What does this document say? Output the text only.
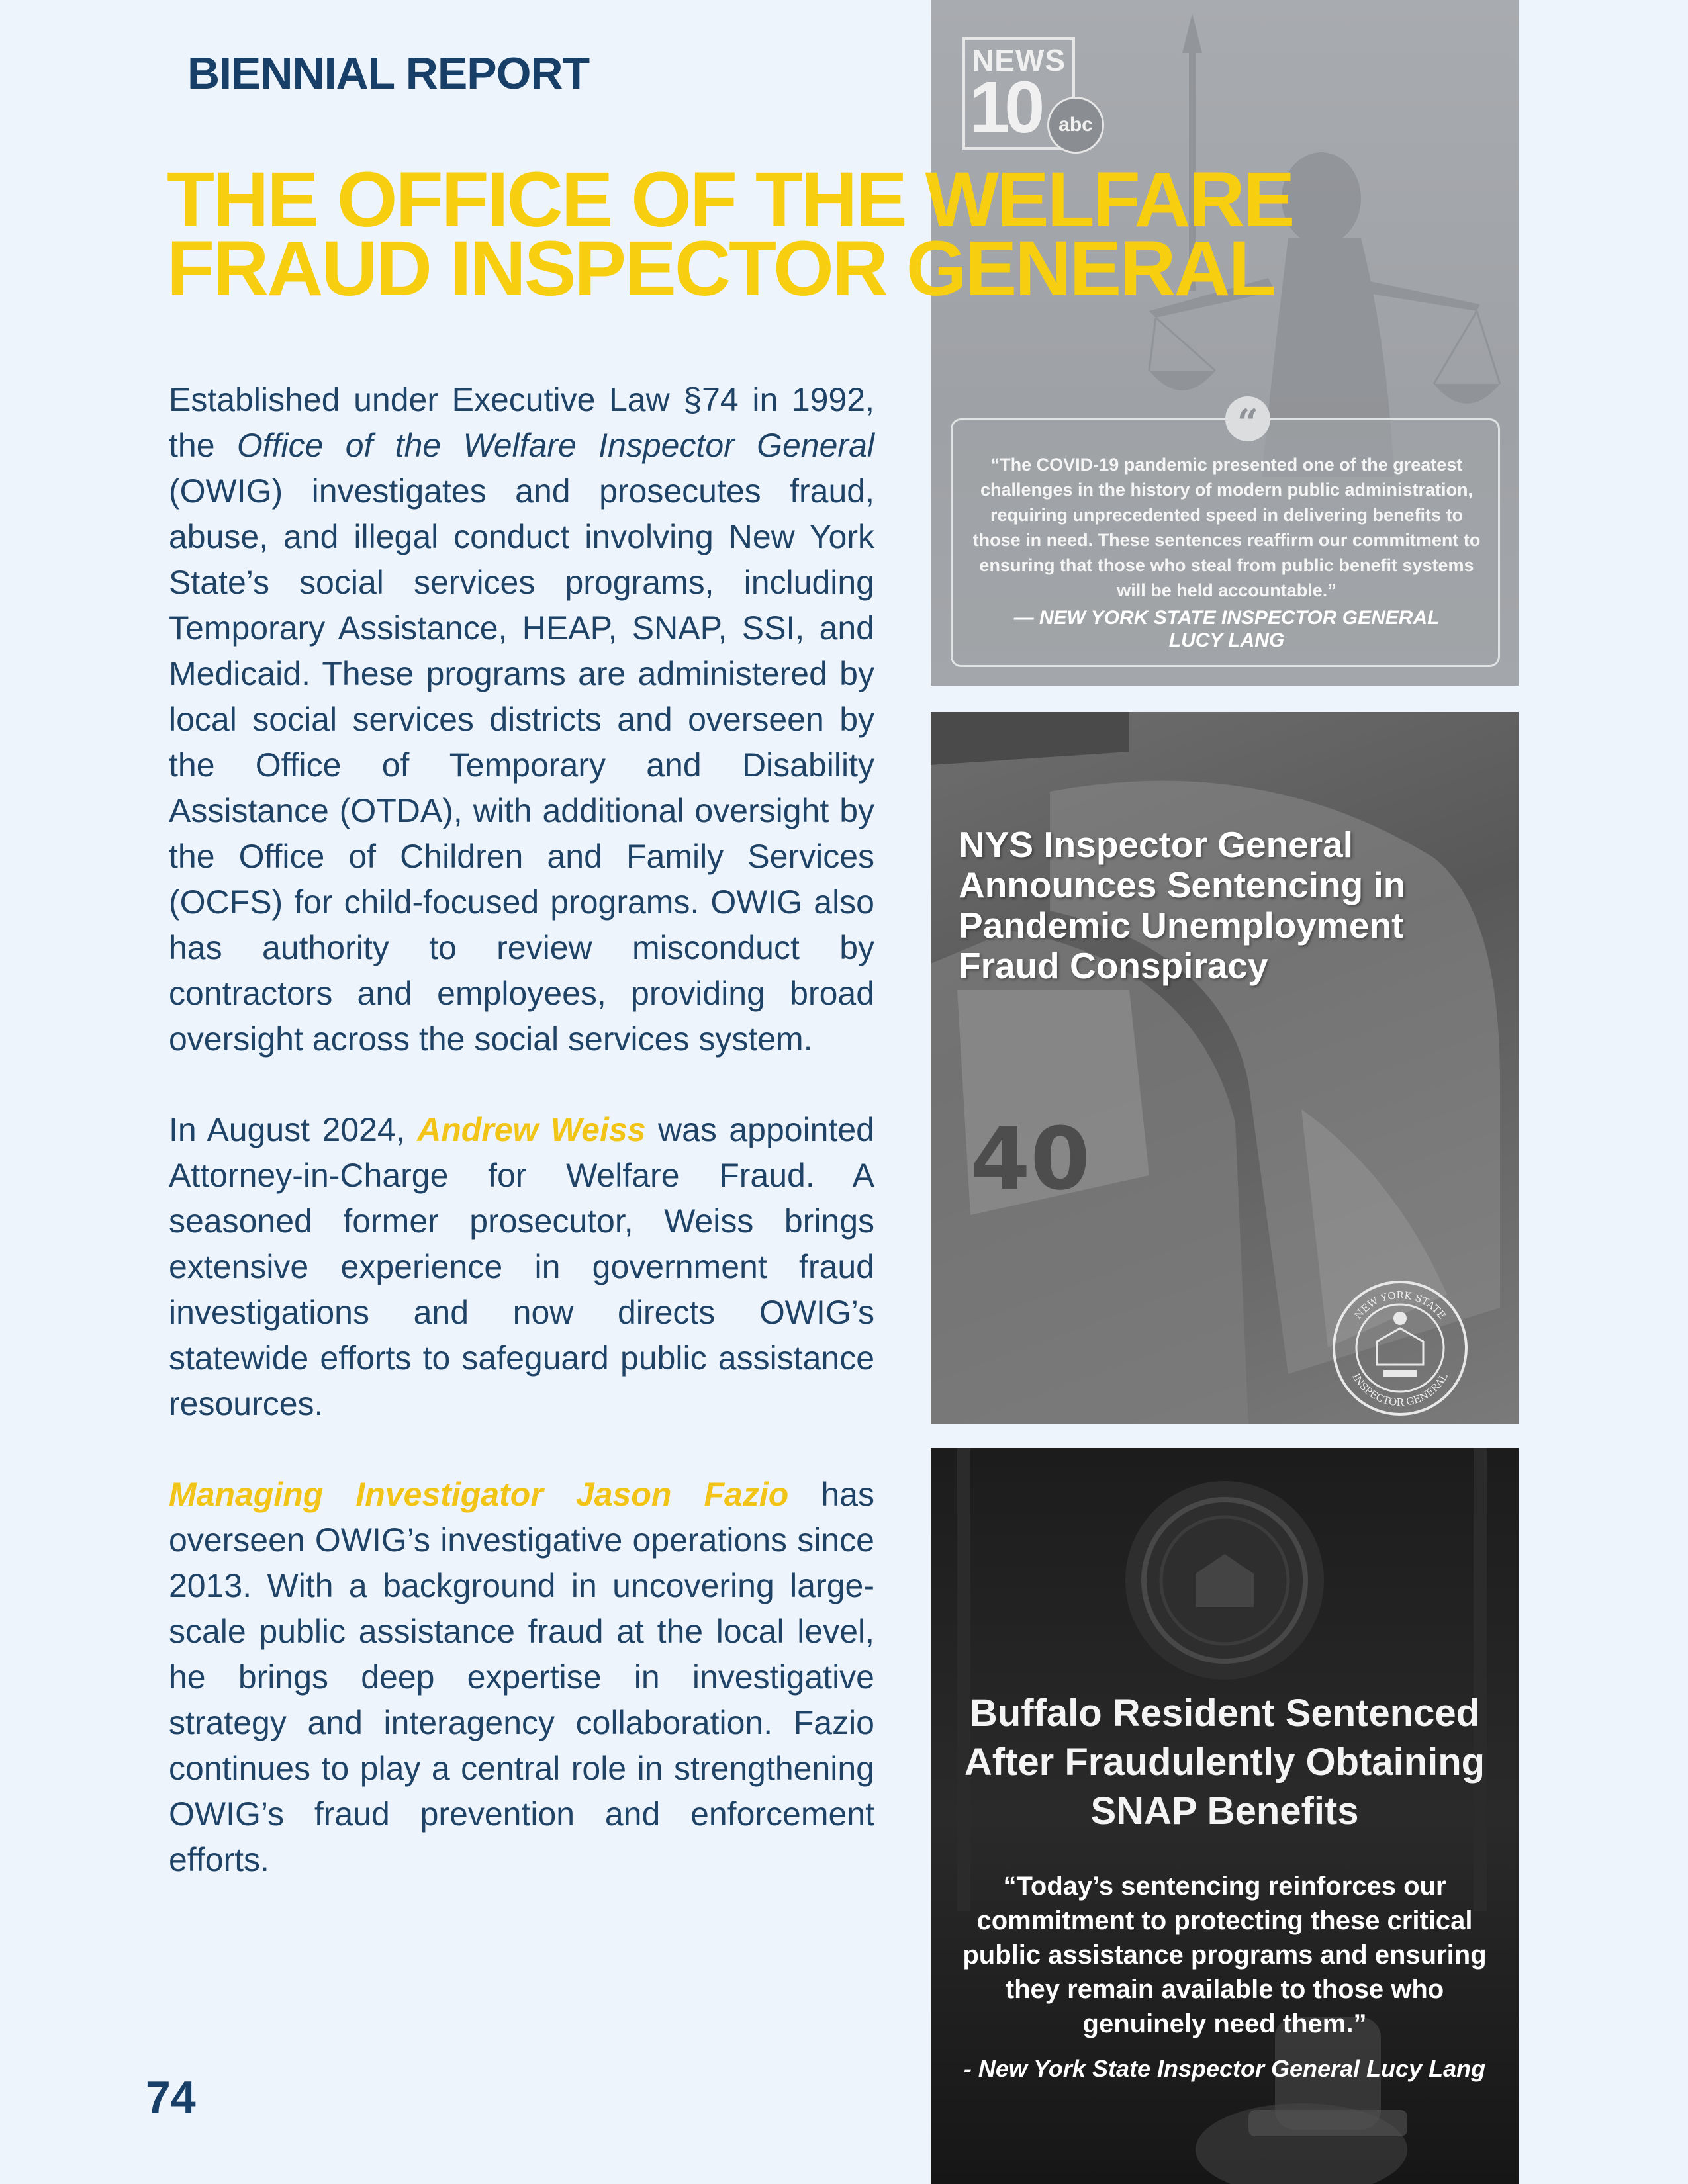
BIENNIAL REPORT
THE OFFICE OF THE WELFARE
FRAUD INSPECTOR GENERAL

Established under Executive Law §74 in 1992, the Office of the Welfare Inspector General (OWIG) investigates and prosecutes fraud, abuse, and illegal conduct involving New York State’s social services programs, including Temporary Assistance, HEAP, SNAP, SSI, and Medicaid. These programs are administered by local social services districts and overseen by the Office of Temporary and Disability Assistance (OTDA), with additional oversight by the Office of Children and Family Services (OCFS) for child-focused programs. OWIG also has authority to review misconduct by contractors and employees, providing broad oversight across the social services system.

In August 2024, Andrew Weiss was appointed Attorney-in-Charge for Welfare Fraud. A seasoned former prosecutor, Weiss brings extensive experience in government fraud investigations and now directs OWIG’s statewide efforts to safeguard public assistance resources.

Managing Investigator Jason Fazio has overseen OWIG’s investigative operations since 2013. With a background in uncovering large-scale public assistance fraud at the local level, he brings deep expertise in investigative strategy and interagency collaboration. Fazio continues to play a central role in strengthening OWIG’s fraud prevention and enforcement efforts.

74
NEWS
10 abc
“
“The COVID-19 pandemic presented one of the greatest challenges in the history of modern public administration, requiring unprecedented speed in delivering benefits to those in need. These sentences reaffirm our commitment to ensuring that those who steal from public benefit systems will be held accountable.”
— NEW YORK STATE INSPECTOR GENERAL
LUCY LANG
40
NYS Inspector General Announces Sentencing in Pandemic Unemployment Fraud Conspiracy
NEW YORK STATE
INSPECTOR GENERAL
Buffalo Resident Sentenced After Fraudulently Obtaining SNAP Benefits
“Today’s sentencing reinforces our commitment to protecting these critical public assistance programs and ensuring they remain available to those who genuinely need them.”
- New York State Inspector General Lucy Lang
